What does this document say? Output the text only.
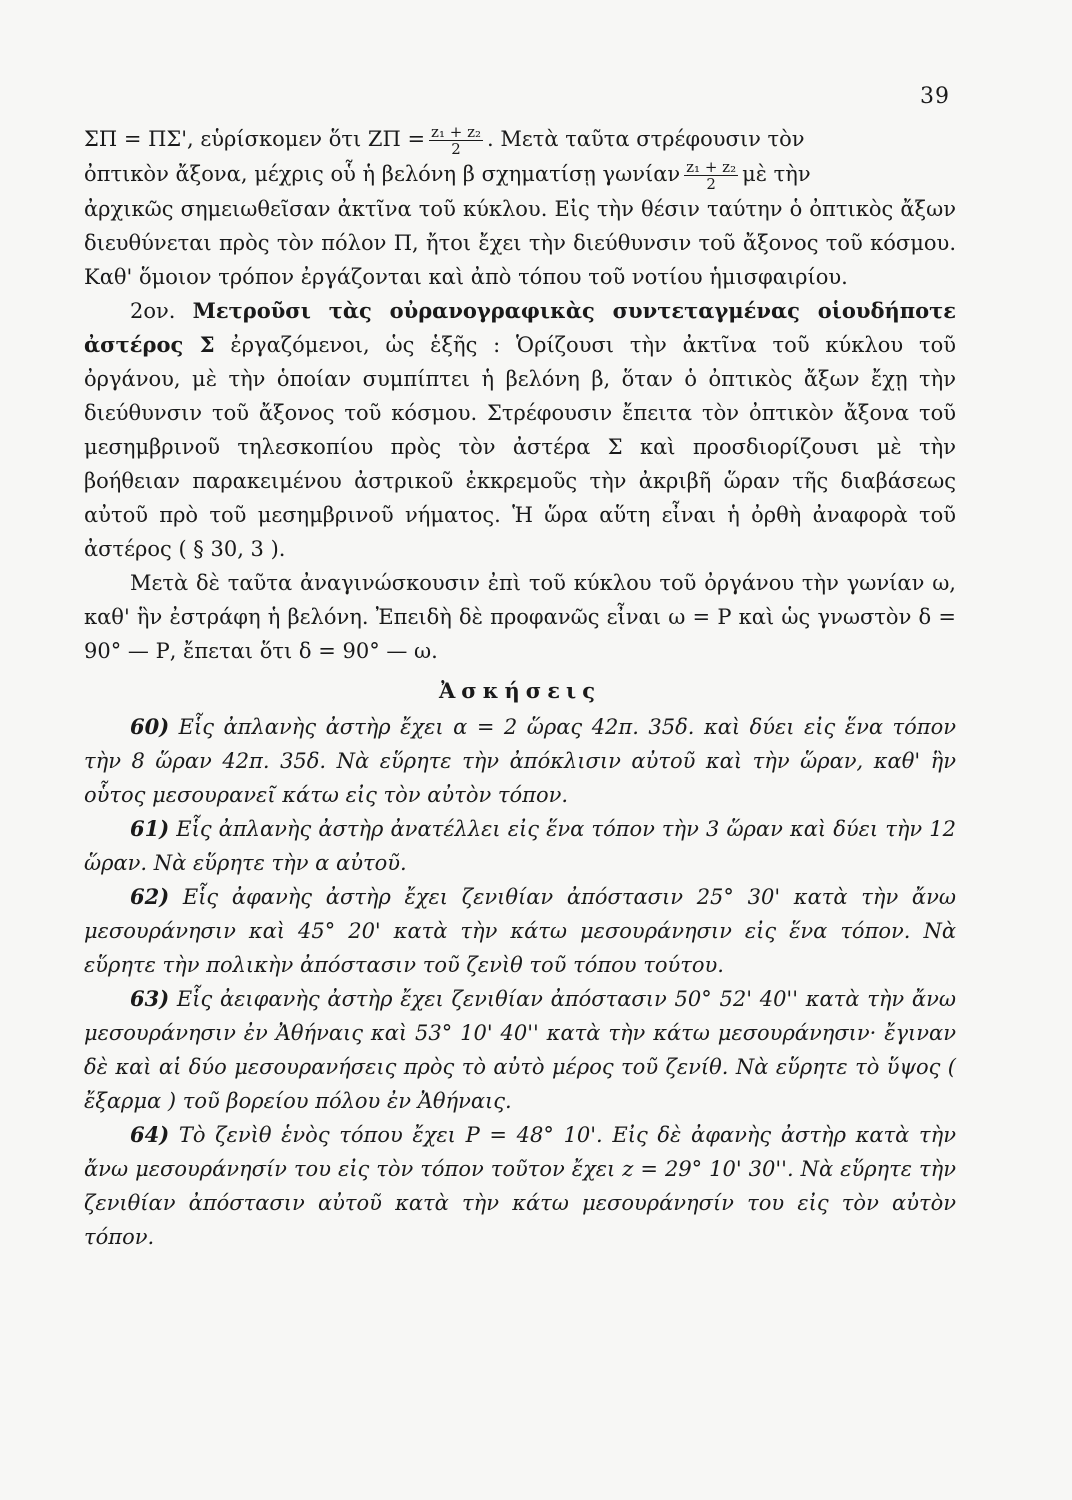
39

ΣΠ = ΠΣ', εὑρίσκομεν ὅτι $Z\Pi = \frac{\text{z₁ + z₂}}{2}$ . Μετὰ ταῦτα στρέφουσιν τὸν
ὀπτικὸν ἄξονα, μέχρις οὗ ἡ βελόνη β σχηματίσῃ γωνίαν $\frac{\text{z₁ + z₂}}{2}$ μὲ τὴν
ἀρχικῶς σημειωθεῖσαν ἀκτῖνα τοῦ κύκλου. Εἰς τὴν θέσιν ταύτην ὁ ὀπτικὸς ἄξων διευθύνεται πρὸς τὸν πόλον Π, ἤτοι ἔχει τὴν διεύθυνσιν τοῦ ἄξονος τοῦ κόσμου. Καθ' ὅμοιον τρόπον ἐργάζονται καὶ ἀπὸ τόπου τοῦ νοτίου ἡμισφαιρίου.

2ον. Μετροῦσι τὰς οὐρανογραφικὰς συντεταγμένας οἱουδήποτε ἀστέρος Σ ἐργαζόμενοι, ὡς ἑξῆς : Ὁρίζουσι τὴν ἀκτῖνα τοῦ κύκλου τοῦ ὀργάνου, μὲ τὴν ὁποίαν συμπίπτει ἡ βελόνη β, ὅταν ὁ ὀπτικὸς ἄξων ἔχῃ τὴν διεύθυνσιν τοῦ ἄξονος τοῦ κόσμου. Στρέφουσιν ἔπειτα τὸν ὀπτικὸν ἄξονα τοῦ μεσημβρινοῦ τηλεσκοπίου πρὸς τὸν ἀστέρα Σ καὶ προσδιορίζουσι μὲ τὴν βοήθειαν παρακειμένου ἀστρικοῦ ἐκκρεμοῦς τὴν ἀκριβῆ ὥραν τῆς διαβάσεως αὐτοῦ πρὸ τοῦ μεσημβρινοῦ νήματος. Ἡ ὥρα αὕτη εἶναι ἡ ὀρθὴ ἀναφορὰ τοῦ ἀστέρος ( § 30, 3 ).

Μετὰ δὲ ταῦτα ἀναγινώσκουσιν ἐπὶ τοῦ κύκλου τοῦ ὀργάνου τὴν γωνίαν ω, καθ' ἣν ἐστράφη ἡ βελόνη. Ἐπειδὴ δὲ προφανῶς εἶναι ω = Ρ καὶ ὡς γνωστὸν δ = 90° — Ρ, ἔπεται ὅτι δ = 90° — ω.

Ἀσκήσεις

60) Εἷς ἀπλανὴς ἀστὴρ ἔχει α = 2 ὥρας 42π. 35δ. καὶ δύει εἰς ἕνα τόπον τὴν 8 ὥραν 42π. 35δ. Νὰ εὕρητε τὴν ἀπόκλισιν αὐτοῦ καὶ τὴν ὥραν, καθ' ἣν οὗτος μεσουρανεῖ κάτω εἰς τὸν αὐτὸν τόπον.

61) Εἷς ἀπλανὴς ἀστὴρ ἀνατέλλει εἰς ἕνα τόπον τὴν 3 ὥραν καὶ δύει τὴν 12 ὥραν. Νὰ εὕρητε τὴν α αὐτοῦ.

62) Εἷς ἀφανὴς ἀστὴρ ἔχει ζενιθίαν ἀπόστασιν 25° 30' κατὰ τὴν ἄνω μεσουράνησιν καὶ 45° 20' κατὰ τὴν κάτω μεσουράνησιν εἰς ἕνα τόπον. Νὰ εὕρητε τὴν πολικὴν ἀπόστασιν τοῦ ζενὶθ τοῦ τόπου τούτου.

63) Εἷς ἀειφανὴς ἀστὴρ ἔχει ζενιθίαν ἀπόστασιν 50° 52' 40'' κατὰ τὴν ἄνω μεσουράνησιν ἐν Ἀθήναις καὶ 53° 10' 40'' κατὰ τὴν κάτω μεσουράνησιν· ἔγιναν δὲ καὶ αἱ δύο μεσουρανήσεις πρὸς τὸ αὐτὸ μέρος τοῦ ζενίθ. Νὰ εὕρητε τὸ ὕψος ( ἔξαρμα ) τοῦ βορείου πόλου ἐν Ἀθήναις.

64) Τὸ ζενὶθ ἑνὸς τόπου ἔχει Ρ = 48° 10'. Εἰς δὲ ἀφανὴς ἀστὴρ κατὰ τὴν ἄνω μεσουράνησίν του εἰς τὸν τόπον τοῦτον ἔχει z = 29° 10' 30''. Νὰ εὕρητε τὴν ζενιθίαν ἀπόστασιν αὐτοῦ κατὰ τὴν κάτω μεσουράνησίν του εἰς τὸν αὐτὸν τόπον.
